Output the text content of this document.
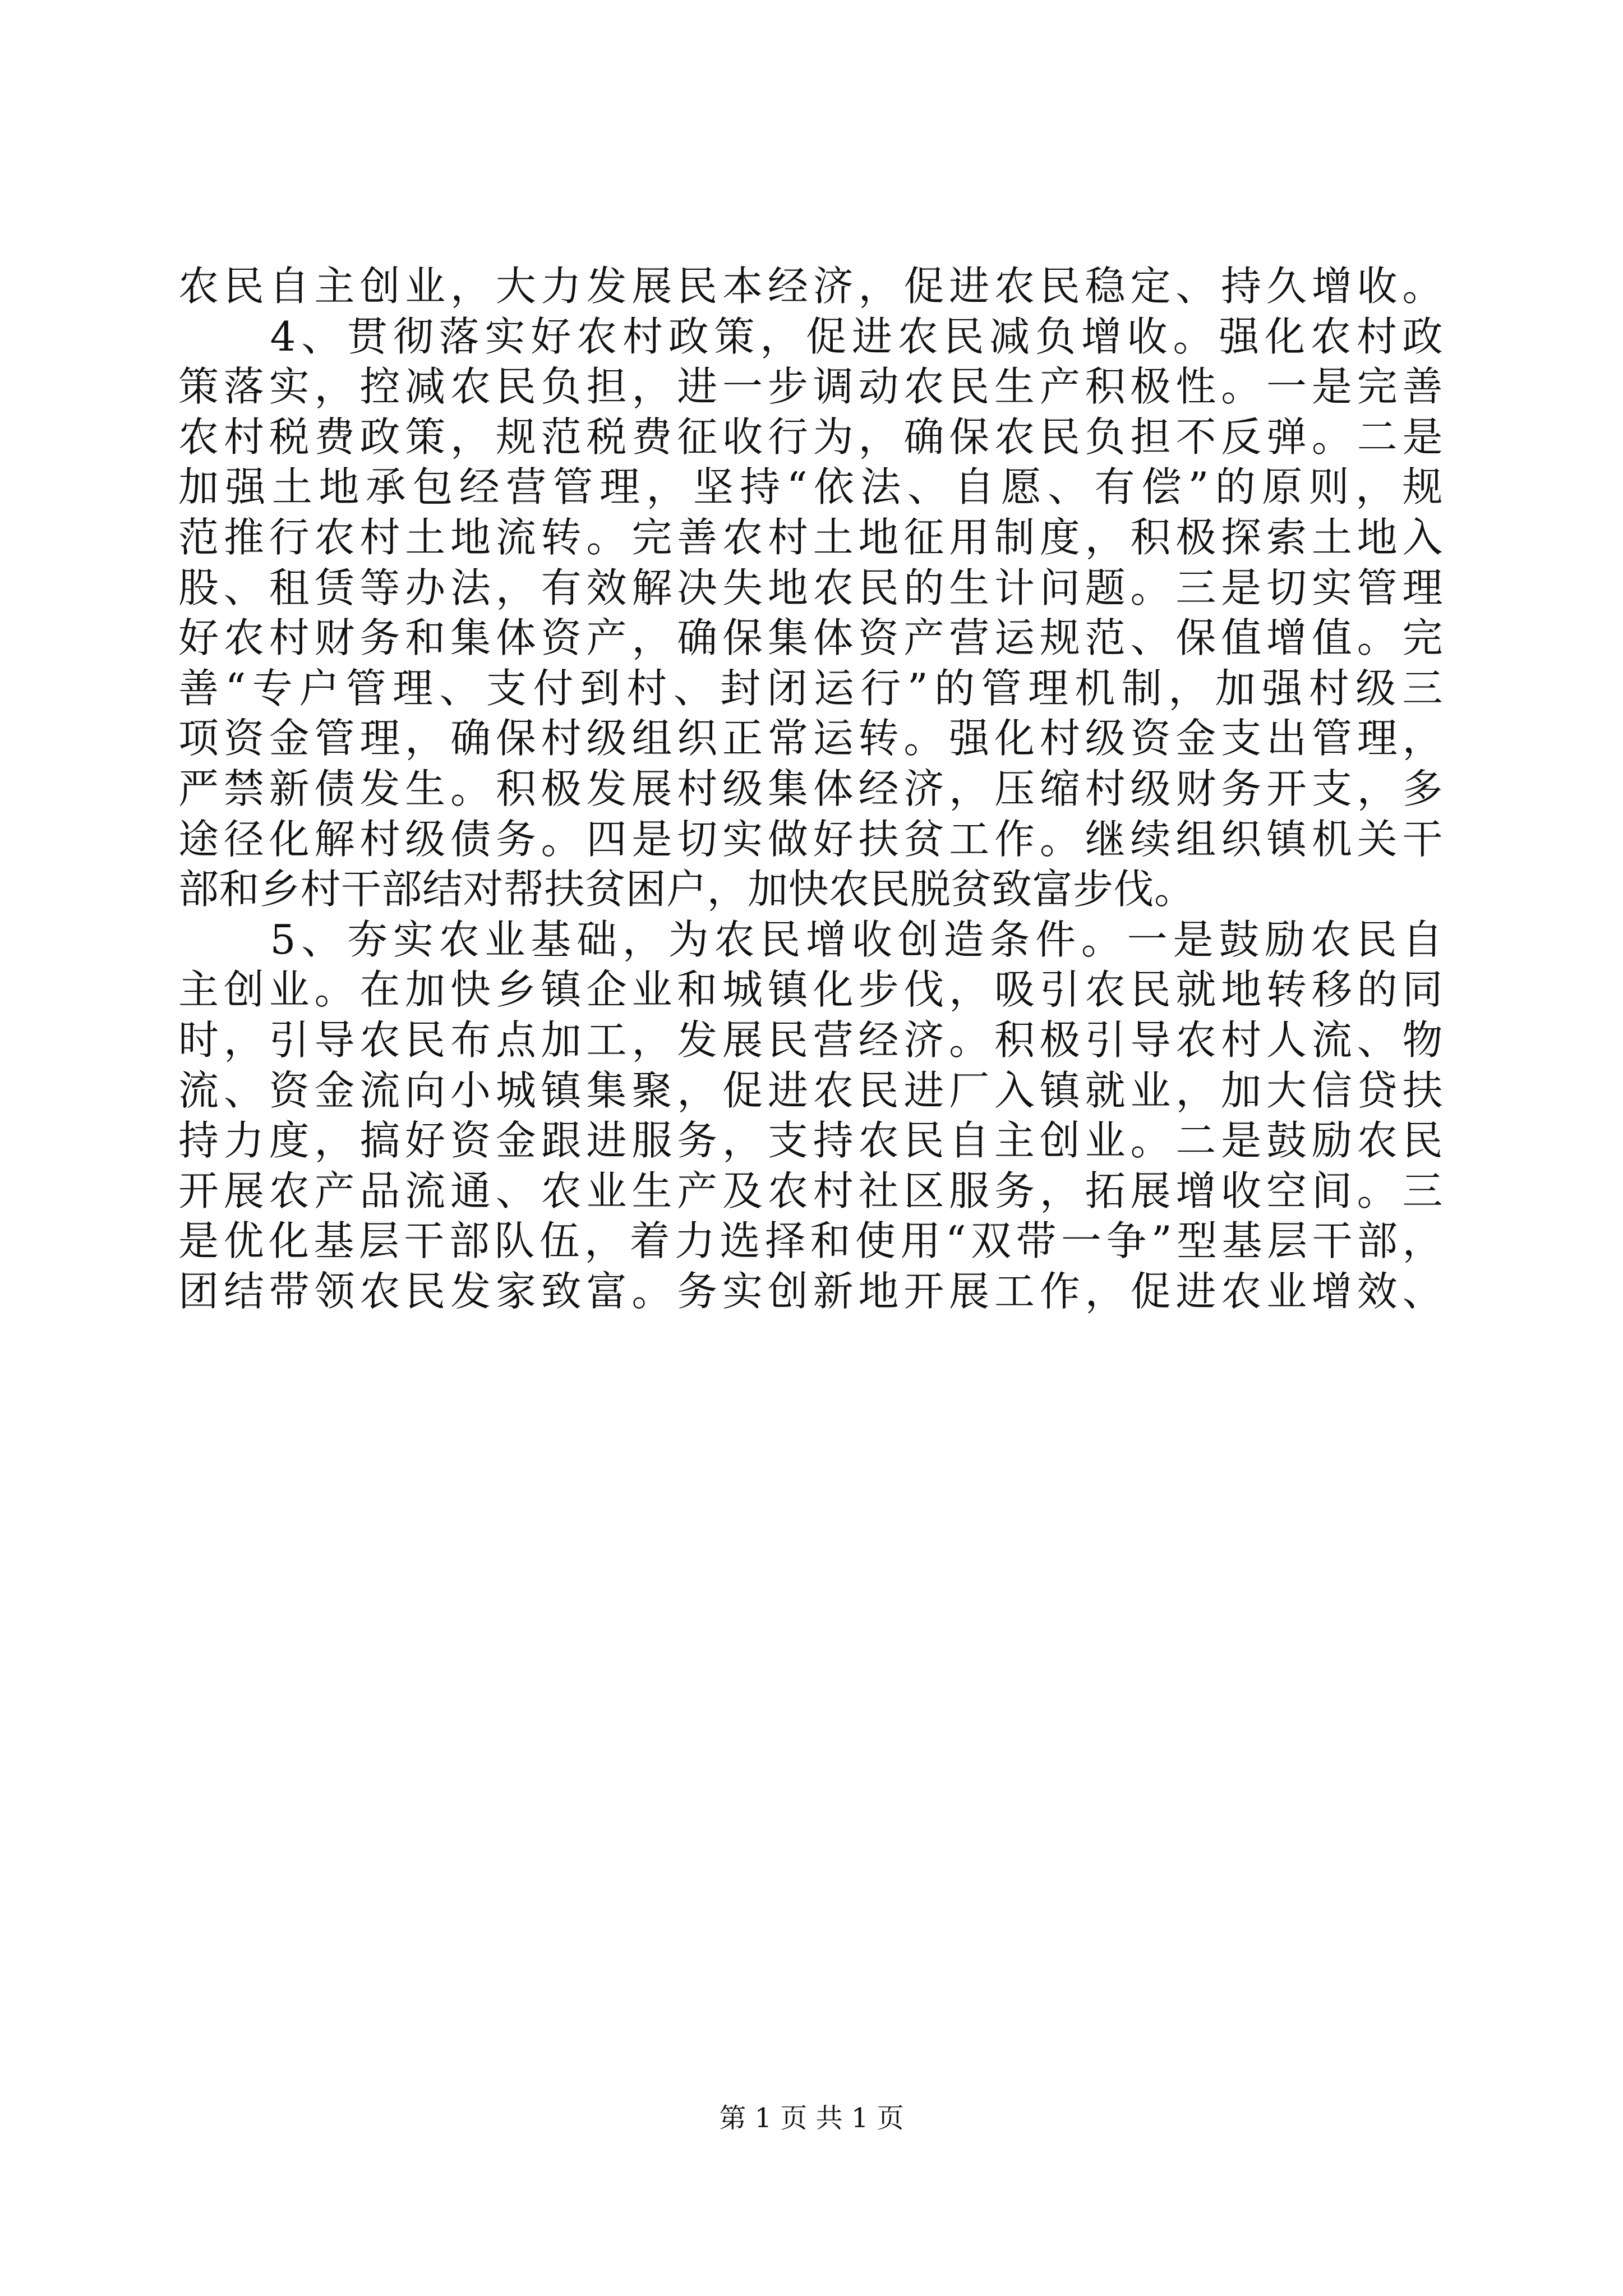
农民自主创业，大力发展民本经济，促进农民稳定、持久增收。
　　4、贯彻落实好农村政策，促进农民减负增收。强化农村政
策落实，控减农民负担，进一步调动农民生产积极性。一是完善
农村税费政策，规范税费征收行为，确保农民负担不反弹。二是
加强土地承包经营管理，坚持“依法、自愿、有偿”的原则，规
范推行农村土地流转。完善农村土地征用制度，积极探索土地入
股、租赁等办法，有效解决失地农民的生计问题。三是切实管理
好农村财务和集体资产，确保集体资产营运规范、保值增值。完
善“专户管理、支付到村、封闭运行”的管理机制，加强村级三
项资金管理，确保村级组织正常运转。强化村级资金支出管理，
严禁新债发生。积极发展村级集体经济，压缩村级财务开支，多
途径化解村级债务。四是切实做好扶贫工作。继续组织镇机关干
部和乡村干部结对帮扶贫困户，加快农民脱贫致富步伐。
　　5、夯实农业基础，为农民增收创造条件。一是鼓励农民自
主创业。在加快乡镇企业和城镇化步伐，吸引农民就地转移的同
时，引导农民布点加工，发展民营经济。积极引导农村人流、物
流、资金流向小城镇集聚，促进农民进厂入镇就业，加大信贷扶
持力度，搞好资金跟进服务，支持农民自主创业。二是鼓励农民
开展农产品流通、农业生产及农村社区服务，拓展增收空间。三
是优化基层干部队伍，着力选择和使用“双带一争”型基层干部，
团结带领农民发家致富。务实创新地开展工作，促进农业增效、
第 1 页 共 1 页
